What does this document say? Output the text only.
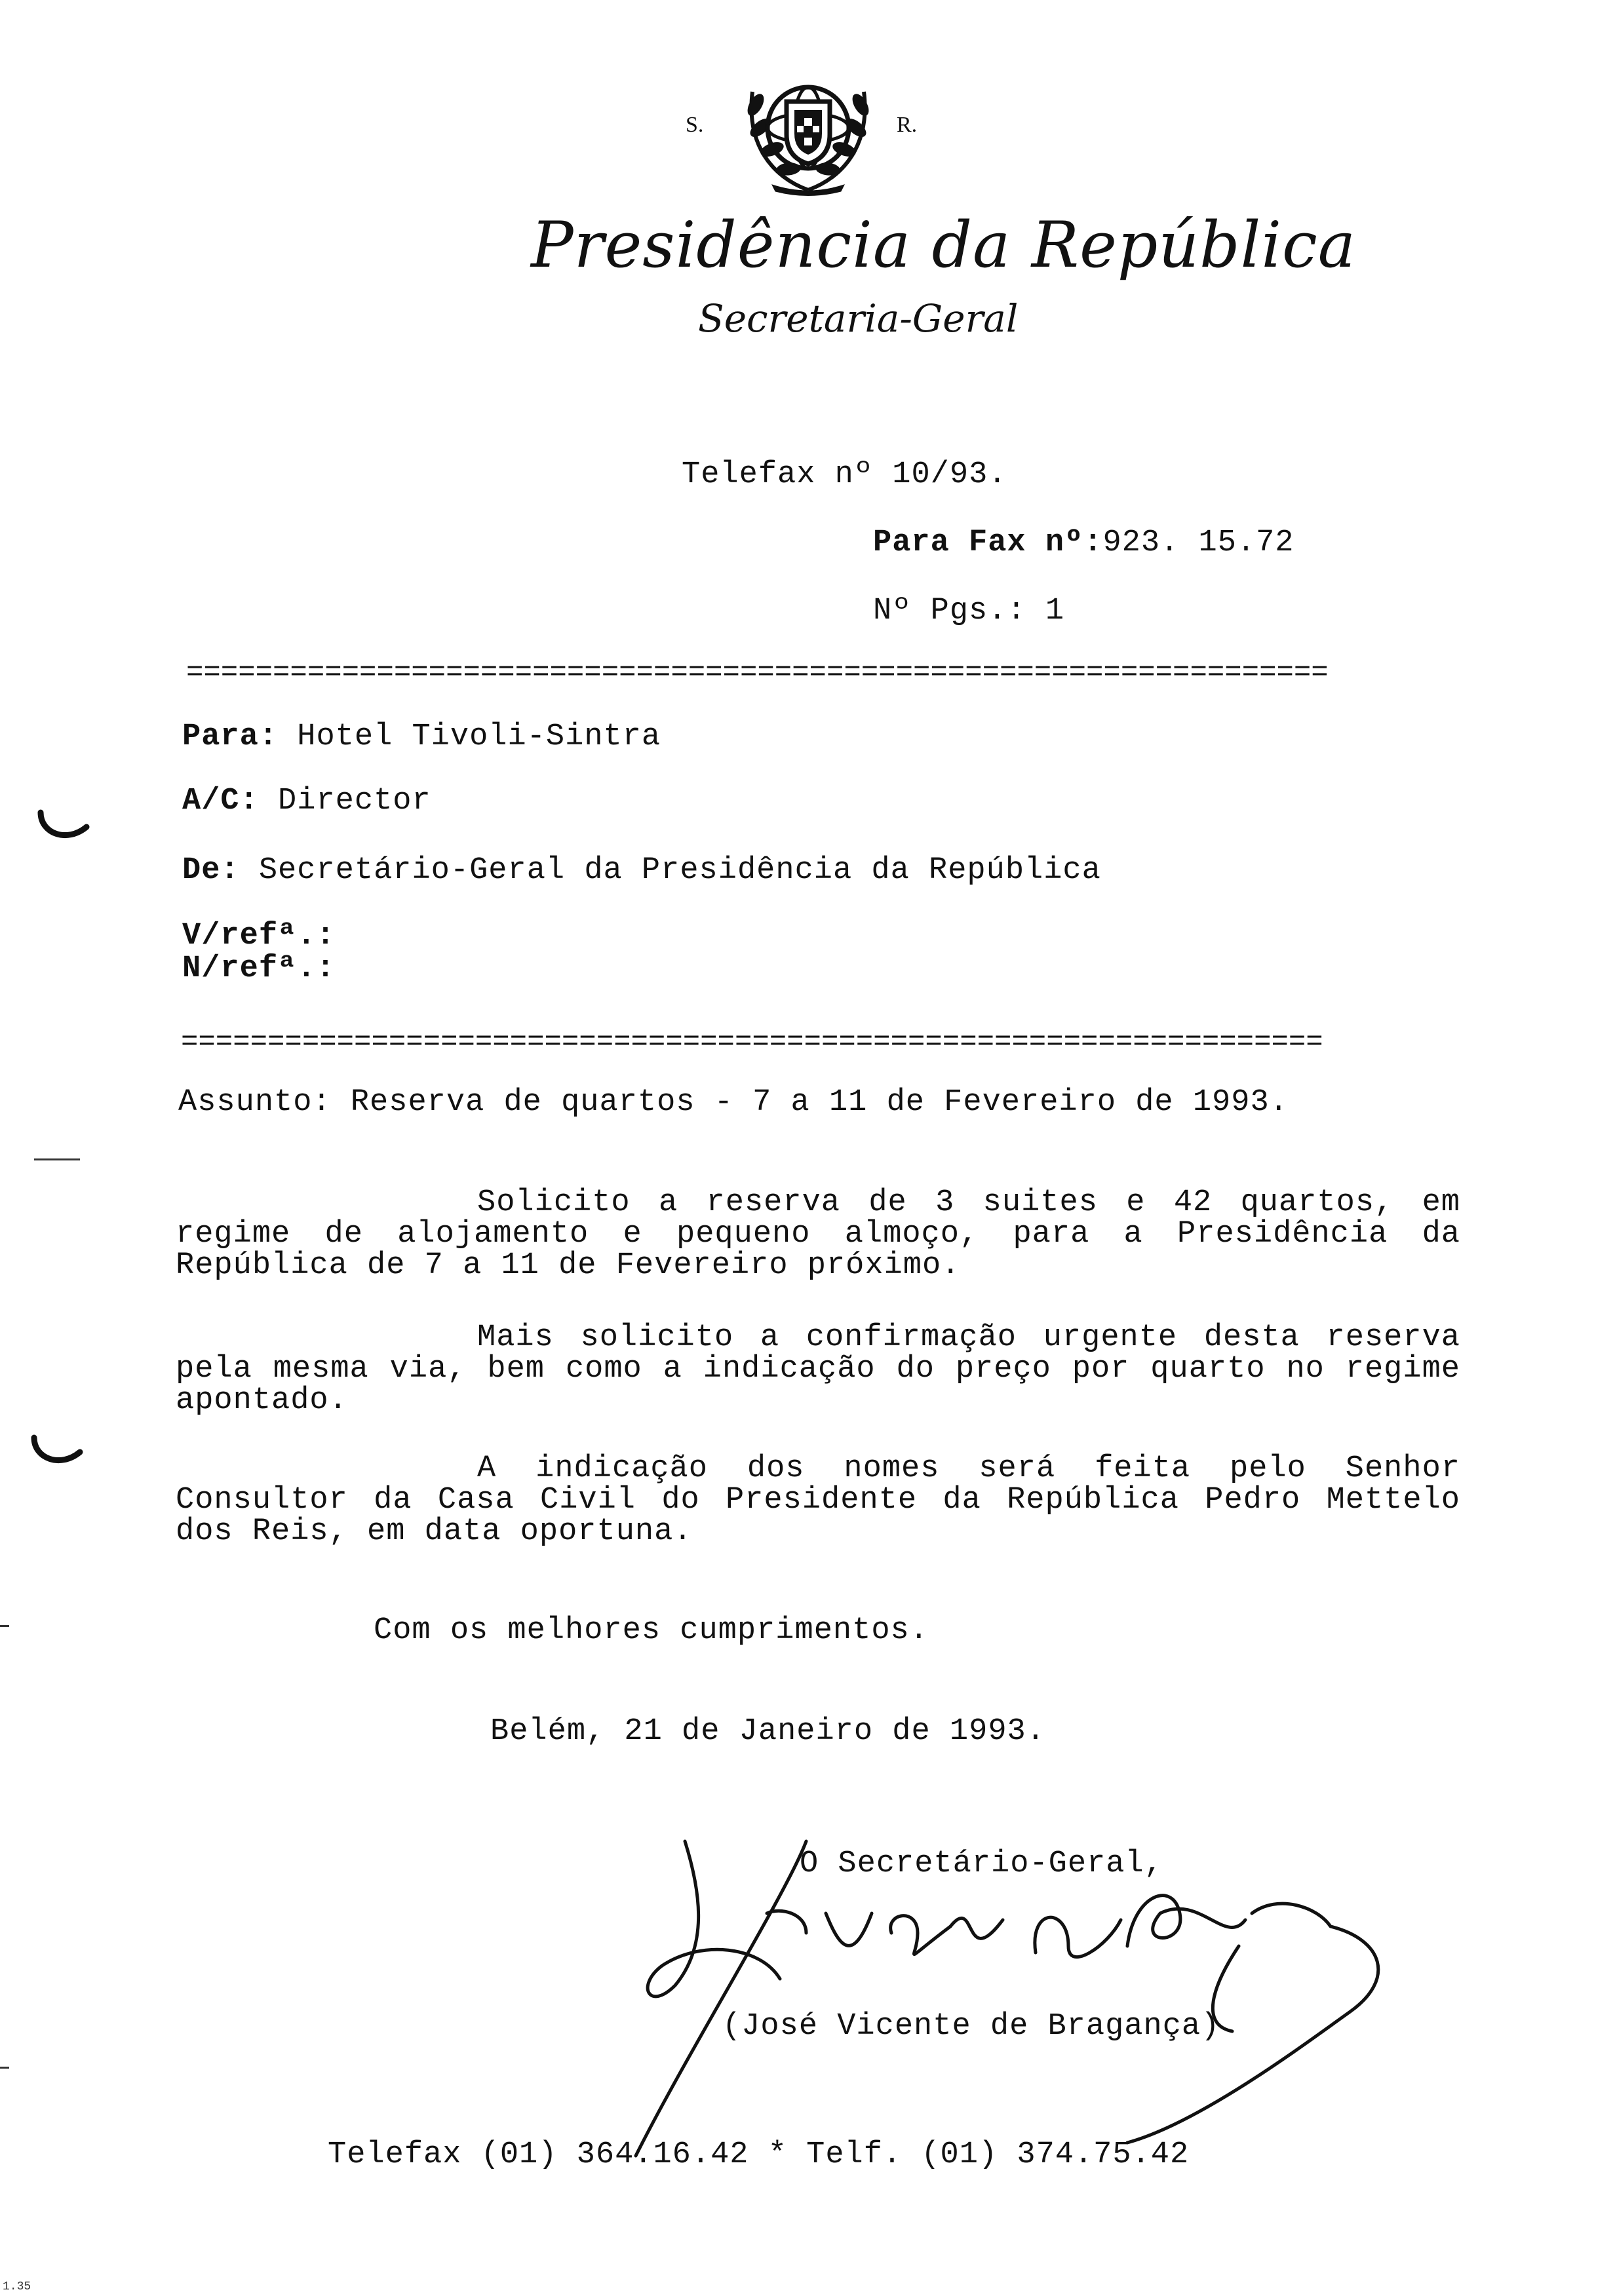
S.	R.
Presidência da República
Secretaria-Geral
Telefax nº 10/93.
Para Fax nº:923. 15.72
Nº Pgs.: 1
==================================================================
Para: Hotel Tivoli-Sintra
A/C: Director
De: Secretário-Geral da Presidência da República
V/refª.:
N/refª.:
==================================================================
Assunto: Reserva de quartos - 7 a 11 de Fevereiro de 1993.
Solicito a reserva de 3 suites e 42 quartos, em regime de alojamento e pequeno almoço, para a Presidência da República de 7 a 11 de Fevereiro próximo.
Mais solicito a confirmação urgente desta reserva pela mesma via, bem como a indicação do preço por quarto no regime apontado.
A indicação dos nomes será feita pelo Senhor Consultor da Casa Civil do Presidente da República Pedro Mettelo dos Reis, em data oportuna.
Com os melhores cumprimentos.
Belém, 21 de Janeiro de 1993.
O Secretário-Geral,
(José Vicente de Bragança)
Telefax (01) 364.16.42 * Telf. (01) 374.75.42
1.35
